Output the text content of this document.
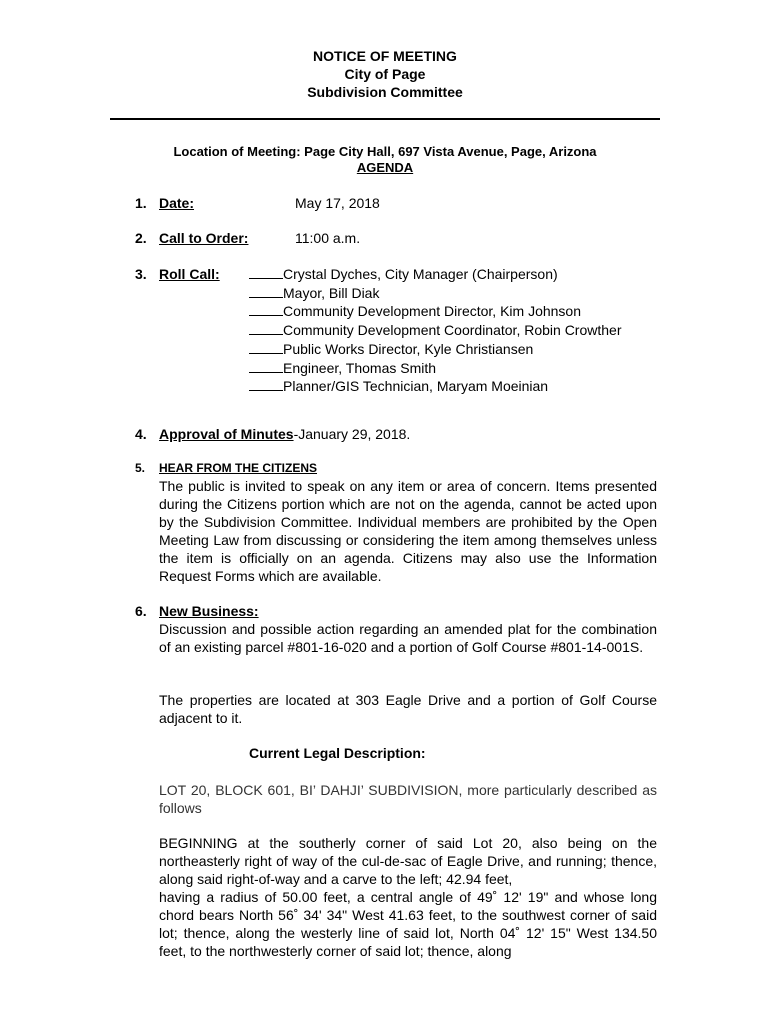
NOTICE OF MEETING
City of Page
Subdivision Committee
Location of Meeting: Page City Hall, 697 Vista Avenue, Page, Arizona
AGENDA
1. Date:	May 17, 2018
2. Call to Order:	11:00 a.m.
3. Roll Call:	Crystal Dyches, City Manager (Chairperson)
Mayor, Bill Diak
Community Development Director, Kim Johnson
Community Development Coordinator, Robin Crowther
Public Works Director, Kyle Christiansen
Engineer, Thomas Smith
Planner/GIS Technician, Maryam Moeinian
4. Approval of Minutes-January 29, 2018.
5. HEAR FROM THE CITIZENS
The public is invited to speak on any item or area of concern. Items presented during the Citizens portion which are not on the agenda, cannot be acted upon by the Subdivision Committee. Individual members are prohibited by the Open Meeting Law from discussing or considering the item among themselves unless the item is officially on an agenda. Citizens may also use the Information Request Forms which are available.
6. New Business:
Discussion and possible action regarding an amended plat for the combination of an existing parcel #801-16-020 and a portion of Golf Course #801-14-001S.
The properties are located at 303 Eagle Drive and a portion of Golf Course adjacent to it.
Current Legal Description:
LOT 20, BLOCK 601, BI’ DAHJI’ SUBDIVISION, more particularly described as follows
BEGINNING at the southerly corner of said Lot 20, also being on the northeasterly right of way of the cul-de-sac of Eagle Drive, and running; thence, along said right-of-way and a carve to the left; 42.94 feet,
having a radius of 50.00 feet, a central angle of 49˚ 12' 19" and whose long chord bears North 56˚ 34' 34" West 41.63 feet, to the southwest corner of said lot; thence, along the westerly line of said lot, North 04˚ 12' 15" West 134.50 feet, to the northwesterly corner of said lot; thence, along
